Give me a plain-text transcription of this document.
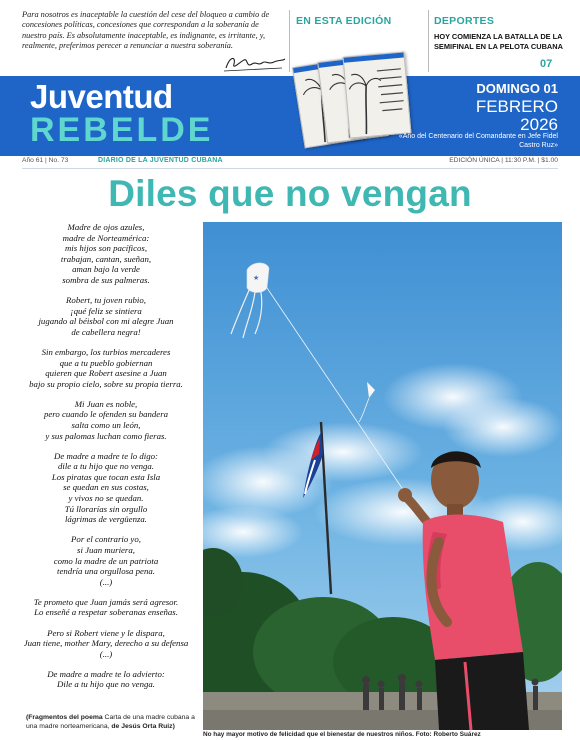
Para nosotros es inaceptable la cuestión del cese del bloqueo a cambio de concesiones políticas, concesiones que correspondan a la soberanía de nuestro país. Es absolutamente inaceptable, es indignante, es irritante, y, realmente, preferimos perecer a renunciar a nuestra soberanía.

EN ESTA EDICIÓN	DEPORTES
HOY COMIENZA LA BATALLA DE LA SEMIFINAL EN LA PELOTA CUBANA
07
Juventud
REBELDE
DOMINGO 01
FEBRERO
2026
«Año del Centenario del Comandante en Jefe Fidel Castro Ruz»
Año 61 | No. 73	DIARIO DE LA JUVENTUD CUBANA	EDICIÓN ÚNICA | 11:30 P.M. | $1.00
Diles que no vengan
Madre de ojos azules,
madre de Norteamérica:
mis hijos son pacíficos,
trabajan, cantan, sueñan,
aman bajo la verde
sombra de sus palmeras.
Robert, tu joven rubio,
¡qué feliz se sintiera
jugando al béisbol con mi alegre Juan
de cabellera negra!
Sin embargo, los turbios mercaderes
que a tu pueblo gobiernan
quieren que Robert asesine a Juan
bajo su propio cielo, sobre su propia tierra.
Mi Juan es noble,
pero cuando le ofenden su bandera
salta como un león,
y sus palomas luchan como fieras.
De madre a madre te lo digo:
dile a tu hijo que no venga.
Los piratas que tocan esta Isla
se quedan en sus costas,
y vivos no se quedan.
Tú llorarías sin orgullo
lágrimas de vergüenza.
Por el contrario yo,
si Juan muriera,
como la madre de un patriota
tendría una orgullosa pena.
(...)
Te prometo que Juan jamás será agresor.
Lo enseñé a respetar soberanas enseñas.
Pero si Robert viene y le dispara,
Juan tiene, mother Mary, derecho a su defensa
(...)
De madre a madre te lo advierto:
Dile a tu hijo que no venga.
(Fragmentos del poema Carta de una madre cubana a una madre norteamericana, de Jesús Orta Ruiz)
★
No hay mayor motivo de felicidad que el bienestar de nuestros niños. Foto: Roberto Suárez
